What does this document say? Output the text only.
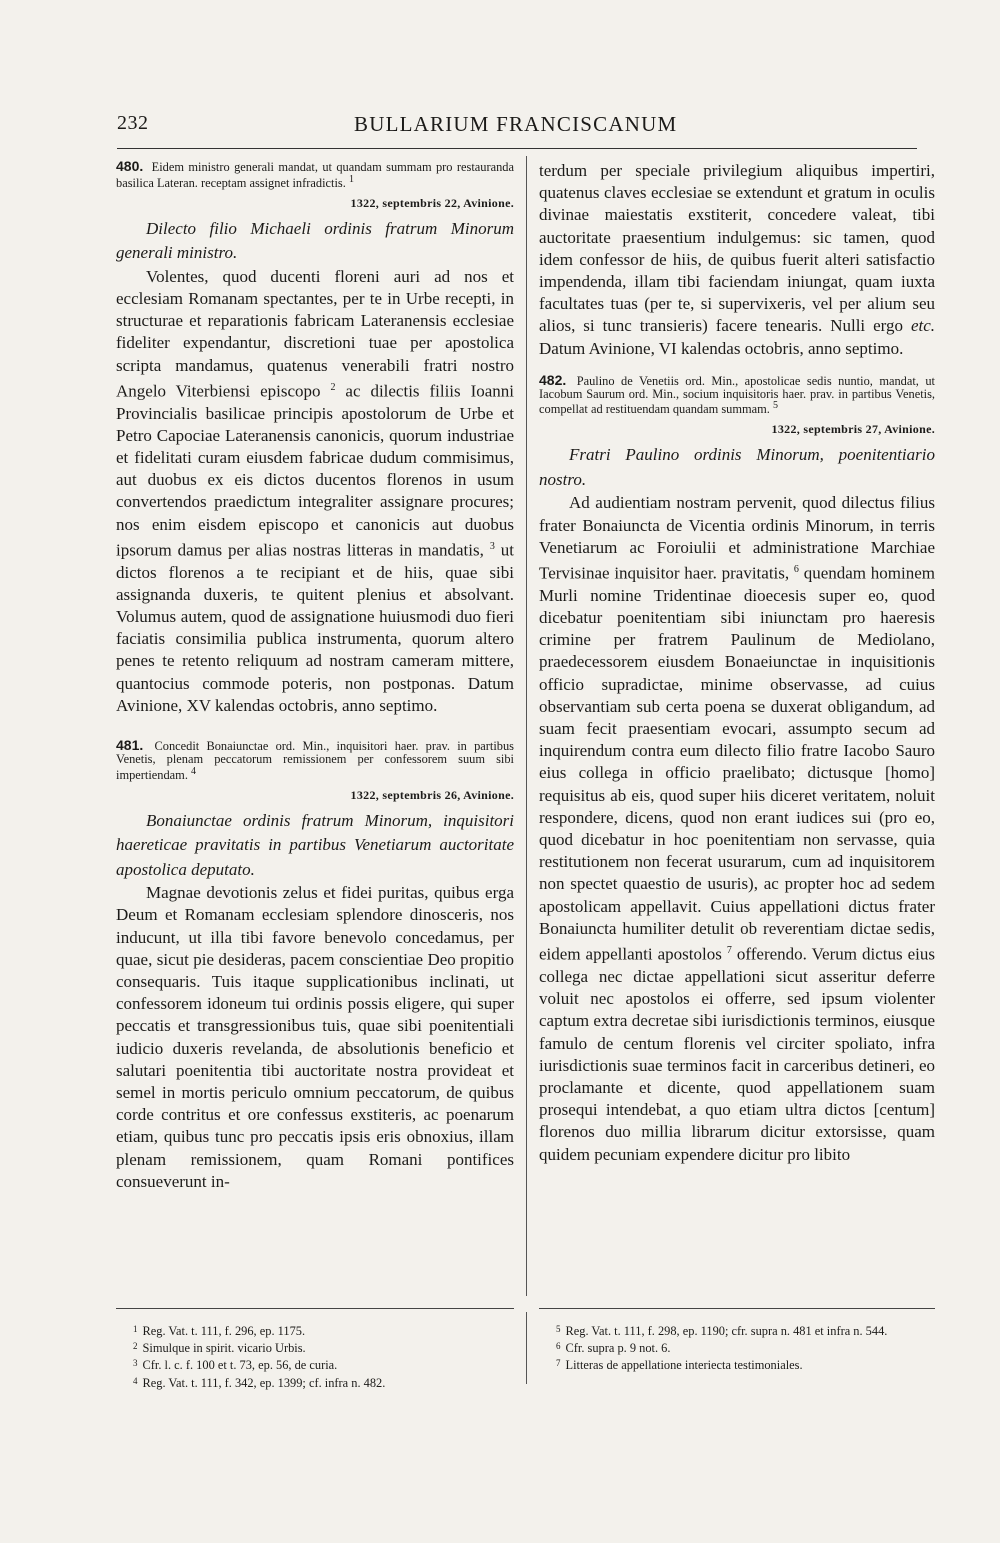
232	BULLARIUM FRANCISCANUM

480. Eidem ministro generali mandat, ut quandam summam pro restauranda basilica Lateran. receptam assignet infradictis. $^1$

1322, septembris 22, Avinione.

Dilecto filio Michaeli ordinis fratrum Minorum generali ministro.

Volentes, quod ducenti floreni auri ad nos et ecclesiam Romanam spectantes, per te in Urbe recepti, in structurae et reparationis fabricam Lateranensis ecclesiae fideliter expendantur, discretioni tuae per apostolica scripta mandamus, quatenus venerabili fratri nostro Angelo Viterbiensi episcopo $^2$ ac dilectis filiis Ioanni Provincialis basilicae principis apostolorum de Urbe et Petro Capociae Lateranensis canonicis, quorum industriae et fidelitati curam eiusdem fabricae dudum commisimus, aut duobus ex eis dictos ducentos florenos in usum convertendos praedictum integraliter assignare procures; nos enim eisdem episcopo et canonicis aut duobus ipsorum damus per alias nostras litteras in mandatis, $^3$ ut dictos florenos a te recipiant et de hiis, quae sibi assignanda duxeris, te quitent plenius et absolvant. Volumus autem, quod de assignatione huiusmodi duo fieri faciatis consimilia publica instrumenta, quorum altero penes te retento reliquum ad nostram cameram mittere, quantocius commode poteris, non postponas. Datum Avinione, XV kalendas octobris, anno septimo.

481. Concedit Bonaiunctae ord. Min., inquisitori haer. prav. in partibus Venetis, plenam peccatorum remissionem per confessorem suum sibi impertiendam. $^4$

1322, septembris 26, Avinione.

Bonaiunctae ordinis fratrum Minorum, inquisitori haereticae pravitatis in partibus Venetiarum auctoritate apostolica deputato.

Magnae devotionis zelus et fidei puritas, quibus erga Deum et Romanam ecclesiam splendore dinosceris, nos inducunt, ut illa tibi favore benevolo concedamus, per quae, sicut pie desideras, pacem conscientiae Deo propitio consequaris. Tuis itaque supplicationibus inclinati, ut confessorem idoneum tui ordinis possis eligere, qui super peccatis et transgressionibus tuis, quae sibi poenitentiali iudicio duxeris revelanda, de absolutionis beneficio et salutari poenitentia tibi auctoritate nostra provideat et semel in mortis periculo omnium peccatorum, de quibus corde contritus et ore confessus exstiteris, ac poenarum etiam, quibus tunc pro peccatis ipsis eris obnoxius, illam plenam remissionem, quam Romani pontifices consueverunt in-

terdum per speciale privilegium aliquibus impertiri, quatenus claves ecclesiae se extendunt et gratum in oculis divinae maiestatis exstiterit, concedere valeat, tibi auctoritate praesentium indulgemus: sic tamen, quod idem confessor de hiis, de quibus fuerit alteri satisfactio impendenda, illam tibi faciendam iniungat, quam iuxta facultates tuas (per te, si supervixeris, vel per alium seu alios, si tunc transieris) facere tenearis. Nulli ergo etc. Datum Avinione, VI kalendas octobris, anno septimo.

482. Paulino de Venetiis ord. Min., apostolicae sedis nuntio, mandat, ut Iacobum Saurum ord. Min., socium inquisitoris haer. prav. in partibus Venetis, compellat ad restituendam quandam summam. $^5$

1322, septembris 27, Avinione.

Fratri Paulino ordinis Minorum, poenitentiario nostro.

Ad audientiam nostram pervenit, quod dilectus filius frater Bonaiuncta de Vicentia ordinis Minorum, in terris Venetiarum ac Foroiulii et administratione Marchiae Tervisinae inquisitor haer. pravitatis, $^6$ quendam hominem Murli nomine Tridentinae dioecesis super eo, quod dicebatur poenitentiam sibi iniunctam pro haeresis crimine per fratrem Paulinum de Mediolano, praedecessorem eiusdem Bonaeiunctae in inquisitionis officio supradictae, minime observasse, ad cuius observantiam sub certa poena se duxerat obligandum, ad suam fecit praesentiam evocari, assumpto secum ad inquirendum contra eum dilecto filio fratre Iacobo Sauro eius collega in officio praelibato; dictusque [homo] requisitus ab eis, quod super hiis diceret veritatem, noluit respondere, dicens, quod non erant iudices sui (pro eo, quod dicebatur in hoc poenitentiam non servasse, quia restitutionem non fecerat usurarum, cum ad inquisitorem non spectet quaestio de usuris), ac propter hoc ad sedem apostolicam appellavit. Cuius appellationi dictus frater Bonaiuncta humiliter detulit ob reverentiam dictae sedis, eidem appellanti apostolos $^7$ offerendo. Verum dictus eius collega nec dictae appellationi sicut asseritur deferre voluit nec apostolos ei offerre, sed ipsum violenter captum extra decretae sibi iurisdictionis terminos, eiusque famulo de centum florenis vel circiter spoliato, infra iurisdictionis suae terminos facit in carceribus detineri, eo proclamante et dicente, quod appellationem suam prosequi intendebat, a quo etiam ultra dictos [centum] florenos duo millia librarum dicitur extorsisse, quam quidem pecuniam expendere dicitur pro libito

$^1$ Reg. Vat. t. 111, f. 296, ep. 1175.

$^2$ Simulque in spirit. vicario Urbis.

$^3$ Cfr. l. c. f. 100 et t. 73, ep. 56, de curia.

$^4$ Reg. Vat. t. 111, f. 342, ep. 1399; cf. infra n. 482.

$^5$ Reg. Vat. t. 111, f. 298, ep. 1190; cfr. supra n. 481 et infra n. 544.

$^6$ Cfr. supra p. 9 not. 6.

$^7$ Litteras de appellatione interiecta testimoniales.
